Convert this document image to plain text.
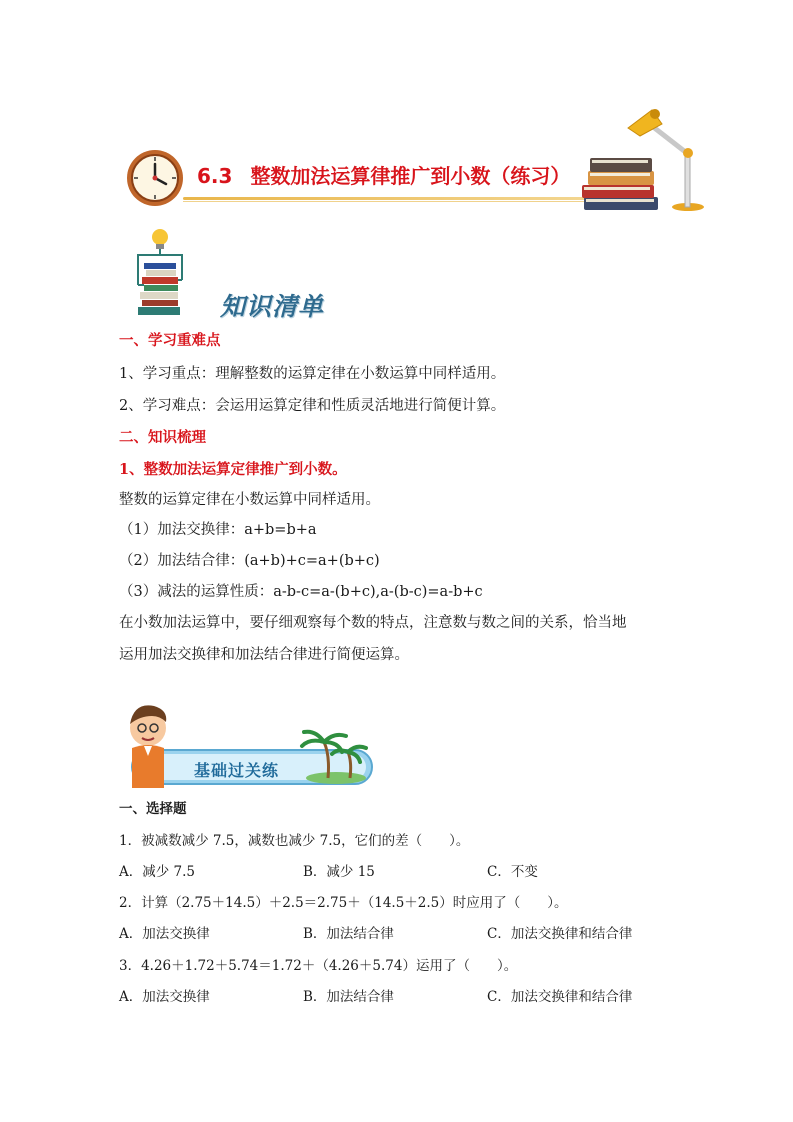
6.3 整数加法运算律推广到小数（练习）
知识清单
一、学习重难点
1、学习重点：理解整数的运算定律在小数运算中同样适用。
2、学习难点：会运用运算定律和性质灵活地进行简便计算。
二、知识梳理
1、整数加法运算定律推广到小数。
整数的运算定律在小数运算中同样适用。
（1）加法交换律：a+b=b+a
（2）加法结合律：(a+b)+c=a+(b+c)
（3）减法的运算性质：a-b-c=a-(b+c),a-(b-c)=a-b+c
在小数加法运算中，要仔细观察每个数的特点，注意数与数之间的关系，恰当地
运用加法交换律和加法结合律进行简便运算。
基础过关练
一、选择题
1．被减数减少 7.5，减数也减少 7.5，它们的差（　　）。
A．减少 7.5	B．减少 15	C．不变
2．计算（2.75＋14.5）＋2.5＝2.75＋（14.5＋2.5）时应用了（　　）。
A．加法交换律	B．加法结合律	C．加法交换律和结合律
3．4.26＋1.72＋5.74＝1.72＋（4.26＋5.74）运用了（　　）。
A．加法交换律	B．加法结合律	C．加法交换律和结合律
